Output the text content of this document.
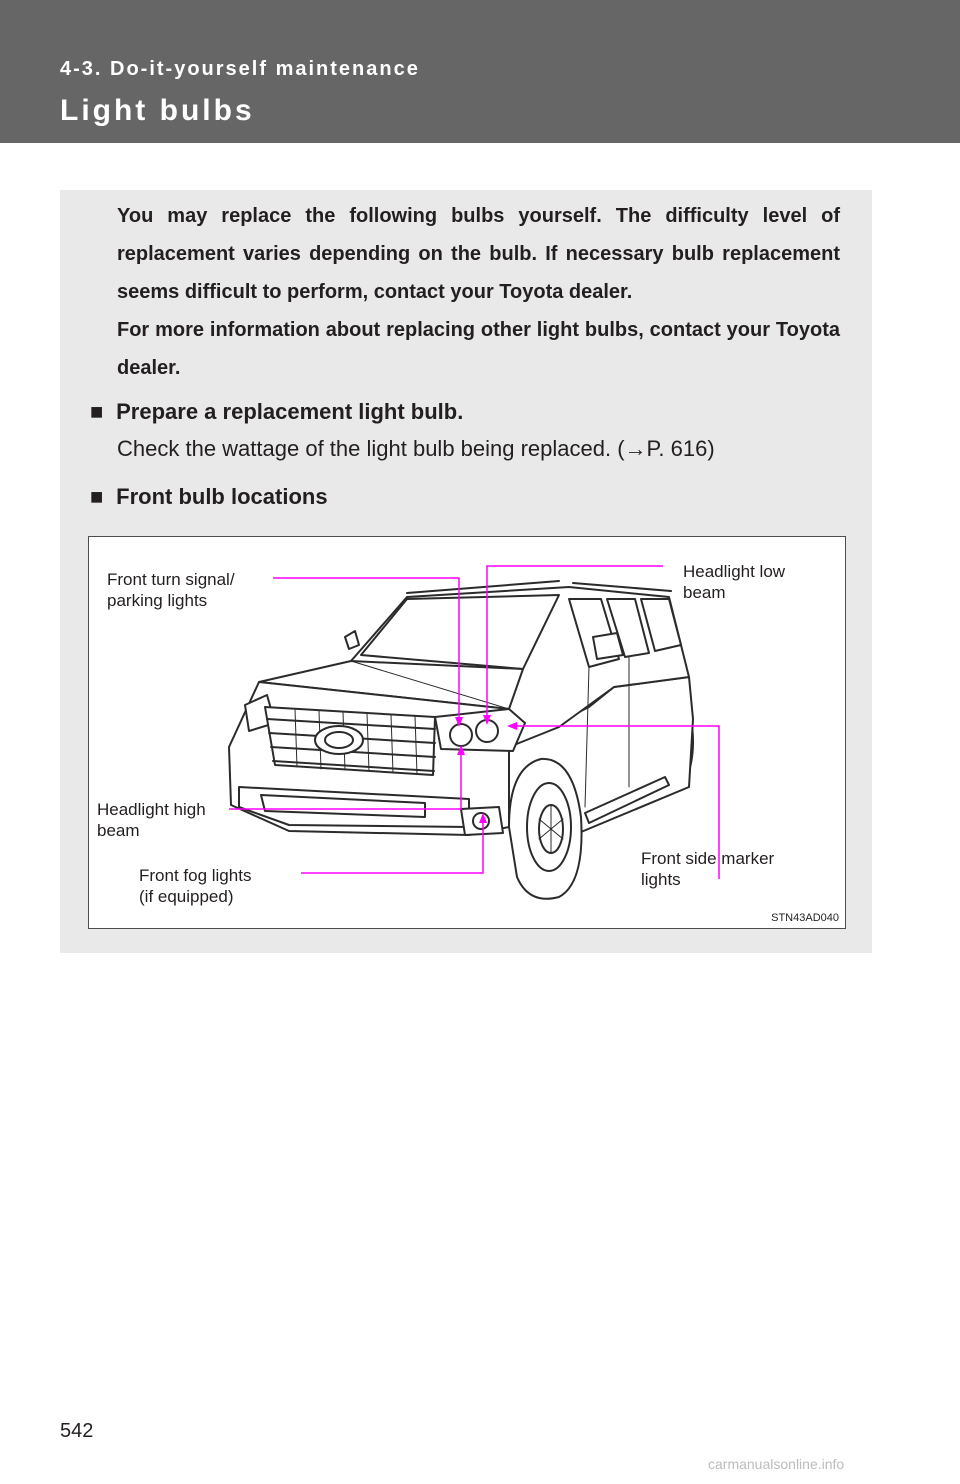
4-3. Do-it-yourself maintenance
Light bulbs

You may replace the following bulbs yourself. The difficulty level of replacement varies depending on the bulb. If necessary bulb replacement seems difficult to perform, contact your Toyota dealer.

For more information about replacing other light bulbs, contact your Toyota dealer.

■ Prepare a replacement light bulb.
Check the wattage of the light bulb being replaced. (→P. 616)
■ Front bulb locations
Front turn signal/
parking lights
Headlight low
beam
Headlight high
beam
Front fog lights
(if equipped)
Front side marker
lights
STN43AD040
542
carmanualsonline.info
